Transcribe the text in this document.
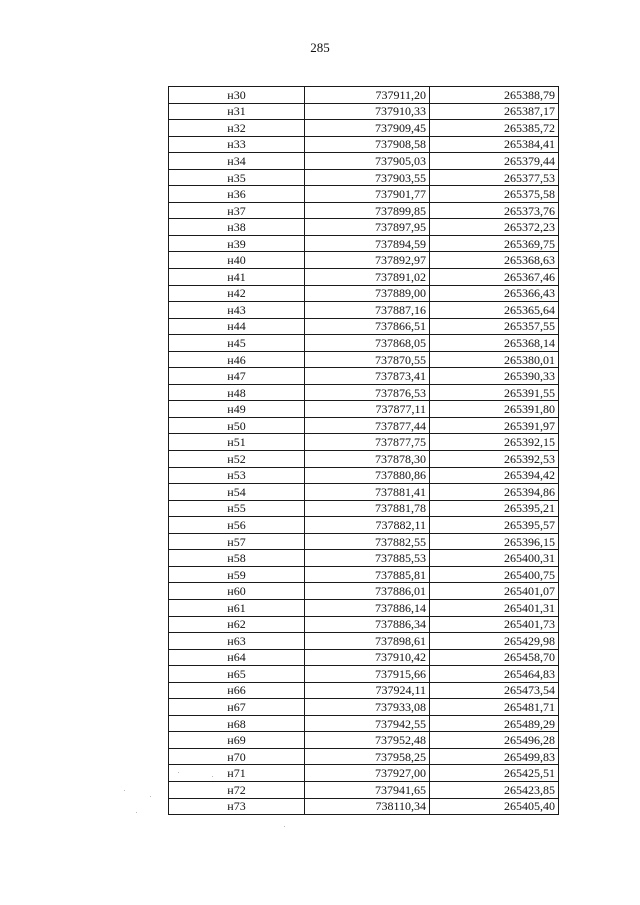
285
н30	737911,20	265388,79
н31	737910,33	265387,17
н32	737909,45	265385,72
н33	737908,58	265384,41
н34	737905,03	265379,44
н35	737903,55	265377,53
н36	737901,77	265375,58
н37	737899,85	265373,76
н38	737897,95	265372,23
н39	737894,59	265369,75
н40	737892,97	265368,63
н41	737891,02	265367,46
н42	737889,00	265366,43
н43	737887,16	265365,64
н44	737866,51	265357,55
н45	737868,05	265368,14
н46	737870,55	265380,01
н47	737873,41	265390,33
н48	737876,53	265391,55
н49	737877,11	265391,80
н50	737877,44	265391,97
н51	737877,75	265392,15
н52	737878,30	265392,53
н53	737880,86	265394,42
н54	737881,41	265394,86
н55	737881,78	265395,21
н56	737882,11	265395,57
н57	737882,55	265396,15
н58	737885,53	265400,31
н59	737885,81	265400,75
н60	737886,01	265401,07
н61	737886,14	265401,31
н62	737886,34	265401,73
н63	737898,61	265429,98
н64	737910,42	265458,70
н65	737915,66	265464,83
н66	737924,11	265473,54
н67	737933,08	265481,71
н68	737942,55	265489,29
н69	737952,48	265496,28
н70	737958,25	265499,83
н71	737927,00	265425,51
н72	737941,65	265423,85
н73	738110,34	265405,40
